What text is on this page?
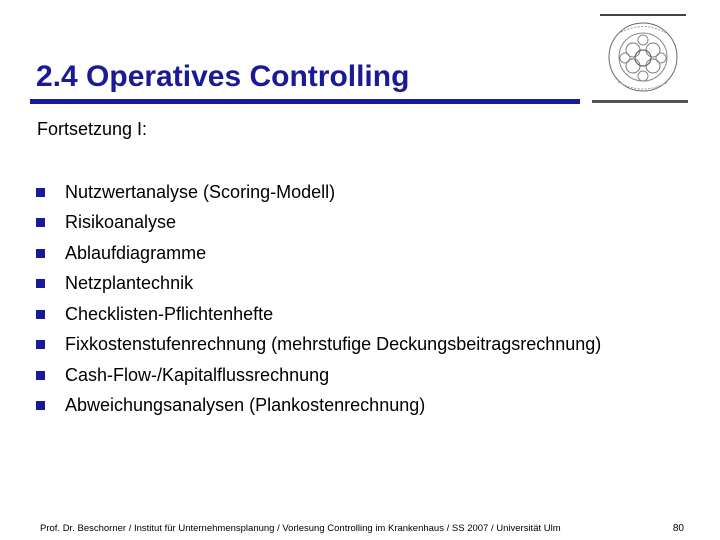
2.4 Operatives Controlling
Fortsetzung I:
Nutzwertanalyse (Scoring-Modell)
Risikoanalyse
Ablaufdiagramme
Netzplantechnik
Checklisten-Pflichtenhefte
Fixkostenstufenrechnung (mehrstufige Deckungsbeitragsrechnung)
Cash-Flow-/Kapitalflussrechnung
Abweichungsanalysen (Plankostenrechnung)
Prof. Dr. Beschorner / Institut für Unternehmensplanung / Vorlesung Controlling im Krankenhaus / SS 2007 / Universität Ulm	80
